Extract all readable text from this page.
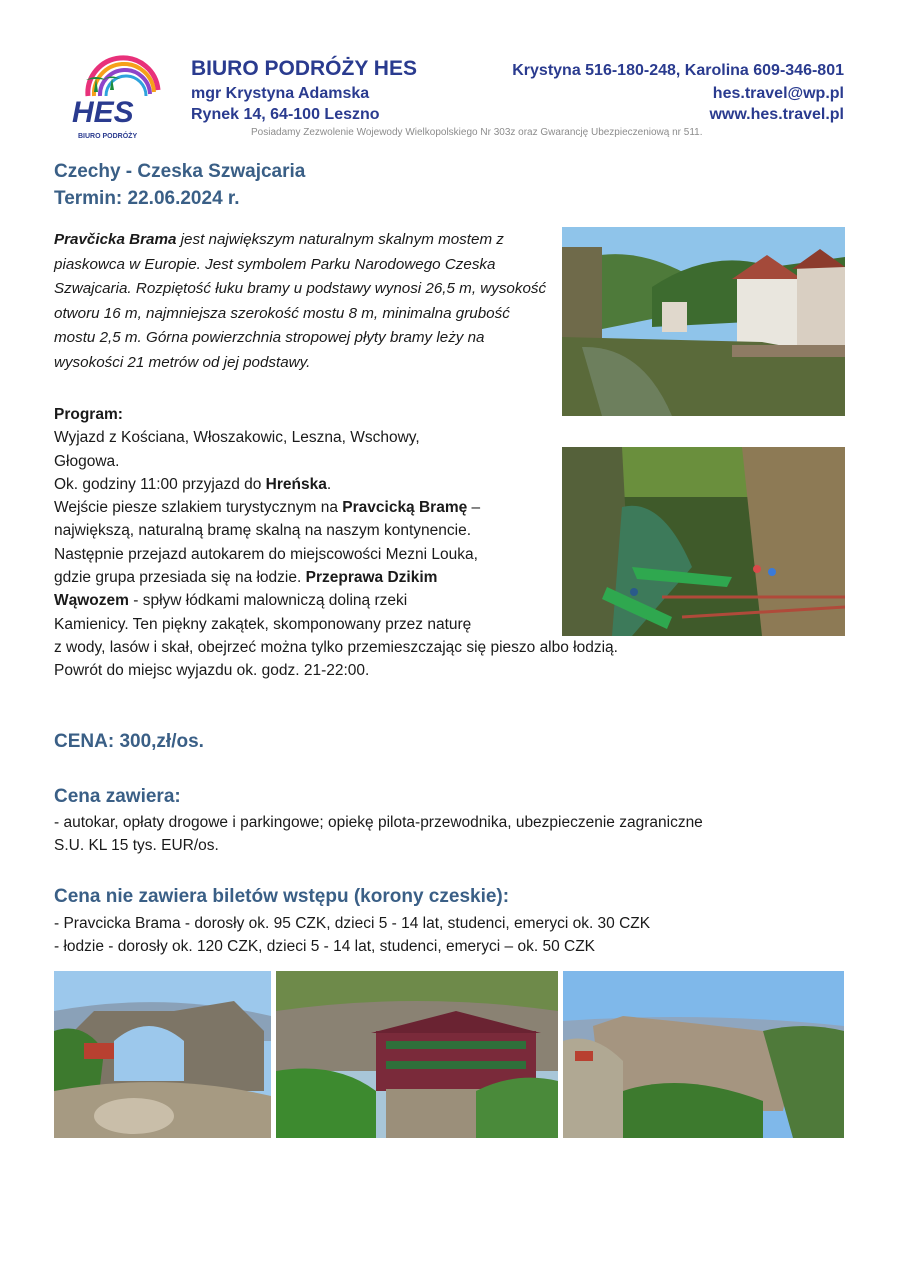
HES
BIURO PODRÓŻY
BIURO PODRÓŻY HES
mgr Krystyna Adamska
Rynek 14, 64-100 Leszno
Krystyna 516-180-248, Karolina 609-346-801
hes.travel@wp.pl
www.hes.travel.pl
Posiadamy Zezwolenie Wojewody Wielkopolskiego Nr 303z oraz Gwarancję Ubezpieczeniową nr 511.
Czechy - Czeska Szwajcaria
Termin: 22.06.2024 r.
Pravčicka Brama jest największym naturalnym skalnym mostem z piaskowca w Europie. Jest symbolem Parku Narodowego Czeska Szwajcaria. Rozpiętość łuku bramy u podstawy wynosi 26,5 m, wysokość otworu 16 m, najmniejsza szerokość mostu 8 m, minimalna grubość mostu 2,5 m. Górna powierzchnia stropowej płyty bramy leży na wysokości 21 metrów od jej podstawy.
Program:
Wyjazd z Kościana, Włoszakowic, Leszna, Wschowy,
Głogowa.
Ok. godziny 11:00 przyjazd do Hreńska.
Wejście piesze szlakiem turystycznym na Pravcicką Bramę –
największą, naturalną bramę skalną na naszym kontynencie.
Następnie przejazd autokarem do miejscowości Mezni Louka,
gdzie grupa przesiada się na łodzie. Przeprawa Dzikim
Wąwozem - spływ łódkami malowniczą doliną rzeki
Kamienicy. Ten piękny zakątek, skomponowany przez naturę
z wody, lasów i skał, obejrzeć można tylko przemieszczając się pieszo albo łodzią.
Powrót do miejsc wyjazdu ok. godz. 21-22:00.
CENA: 300,zł/os.
Cena zawiera:
- autokar, opłaty drogowe i parkingowe; opiekę pilota-przewodnika, ubezpieczenie zagraniczne
S.U. KL 15 tys. EUR/os.
Cena nie zawiera biletów wstępu (korony czeskie):
- Pravcicka Brama - dorosły ok. 95 CZK, dzieci 5 - 14 lat, studenci, emeryci ok. 30 CZK
- łodzie - dorosły ok. 120 CZK, dzieci 5 - 14 lat, studenci, emeryci – ok. 50 CZK
